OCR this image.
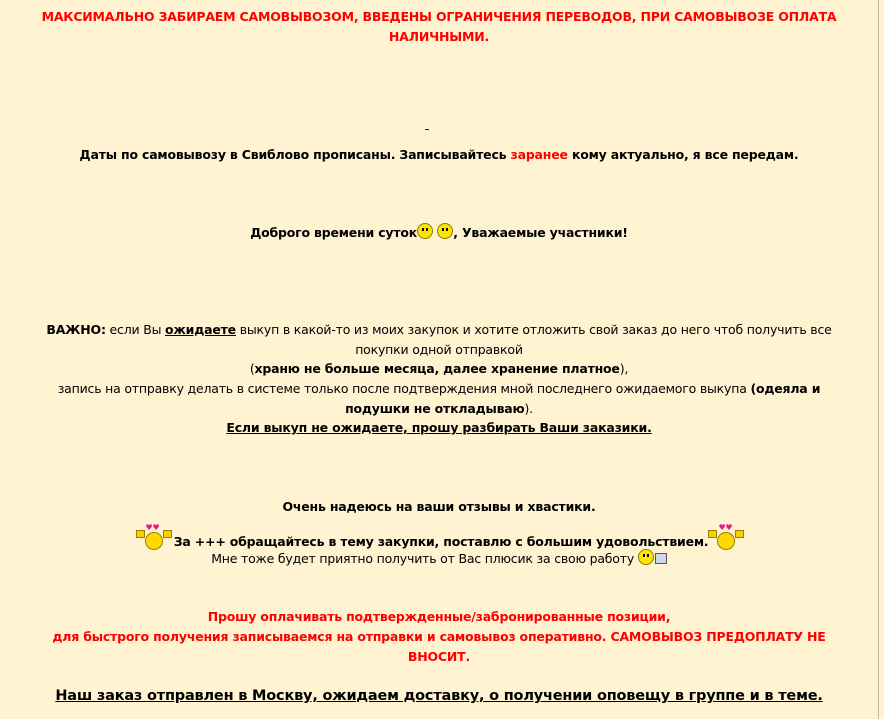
МАКСИМАЛЬНО ЗАБИРАЕМ САМОВЫВОЗОМ, ВВЕДЕНЫ ОГРАНИЧЕНИЯ ПЕРЕВОДОВ, ПРИ САМОВЫВОЗЕ ОПЛАТА
НАЛИЧНЫМИ.
Даты по самовывозу в Свиблово прописаны. Записывайтесь заранее кому актуально, я все передам.
Доброго времени суток	, Уважаемые участники!
ВАЖНО: если Вы ожидаете выкуп в какой-то из моих закупок и хотите отложить свой заказ до него чтоб получить все
покупки одной отправкой
(храню не больше месяца, далее хранение платное),
запись на отправку делать в системе только после подтверждения мной последнего ожидаемого выкупа (одеяла и
подушки не откладываю).
Если выкуп не ожидаете, прошу разбирать Ваши заказики.
Очень надеюсь на ваши отзывы и хвастики.
♥♥
За +++ обращайтесь в тему закупки, поставлю с большим удовольствием.
♥♥
Мне тоже будет приятно получить от Вас плюсик за свою работу
Прошу оплачивать подтвержденные/забронированные позиции,
для быстрого получения записываемся на отправки и самовывоз оперативно. САМОВЫВОЗ ПРЕДОПЛАТУ НЕ
ВНОСИТ.
Наш заказ отправлен в Москву, ожидаем доставку, о получении оповещу в группе и в теме.
